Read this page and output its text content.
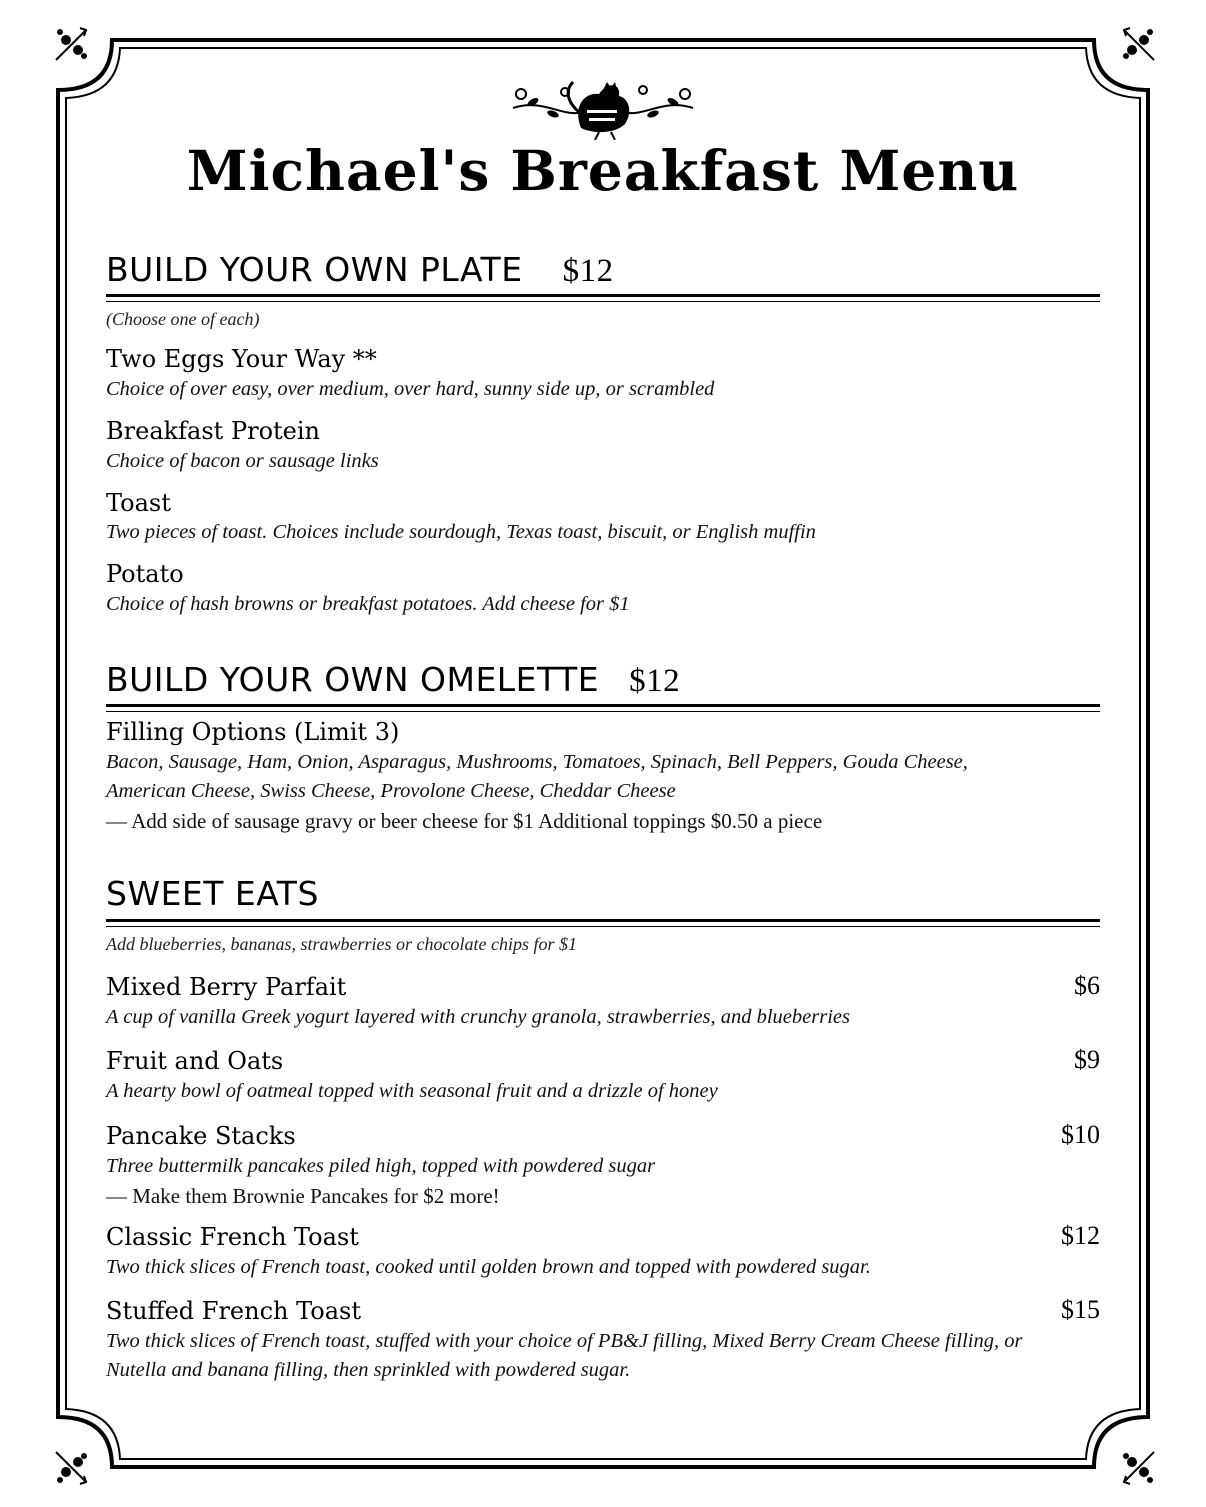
Michael's Breakfast Menu
BUILD YOUR OWN PLATE $12
(Choose one of each)
Two Eggs Your Way **
Choice of over easy, over medium, over hard, sunny side up, or scrambled
Breakfast Protein
Choice of bacon or sausage links
Toast
Two pieces of toast. Choices include sourdough, Texas toast, biscuit, or English muffin
Potato
Choice of hash browns or breakfast potatoes. Add cheese for $1
BUILD YOUR OWN OMELETTE $12
Filling Options (Limit 3)
Bacon, Sausage, Ham, Onion, Asparagus, Mushrooms, Tomatoes, Spinach, Bell Peppers, Gouda Cheese,
American Cheese, Swiss Cheese, Provolone Cheese, Cheddar Cheese
— Add side of sausage gravy or beer cheese for $1 Additional toppings $0.50 a piece
SWEET EATS
Add blueberries, bananas, strawberries or chocolate chips for $1
Mixed Berry Parfait	$6
A cup of vanilla Greek yogurt layered with crunchy granola, strawberries, and blueberries
Fruit and Oats	$9
A hearty bowl of oatmeal topped with seasonal fruit and a drizzle of honey
Pancake Stacks	$10
Three buttermilk pancakes piled high, topped with powdered sugar
— Make them Brownie Pancakes for $2 more!
Classic French Toast	$12
Two thick slices of French toast, cooked until golden brown and topped with powdered sugar.
Stuffed French Toast	$15
Two thick slices of French toast, stuffed with your choice of PB&J filling, Mixed Berry Cream Cheese filling, or
Nutella and banana filling, then sprinkled with powdered sugar.
